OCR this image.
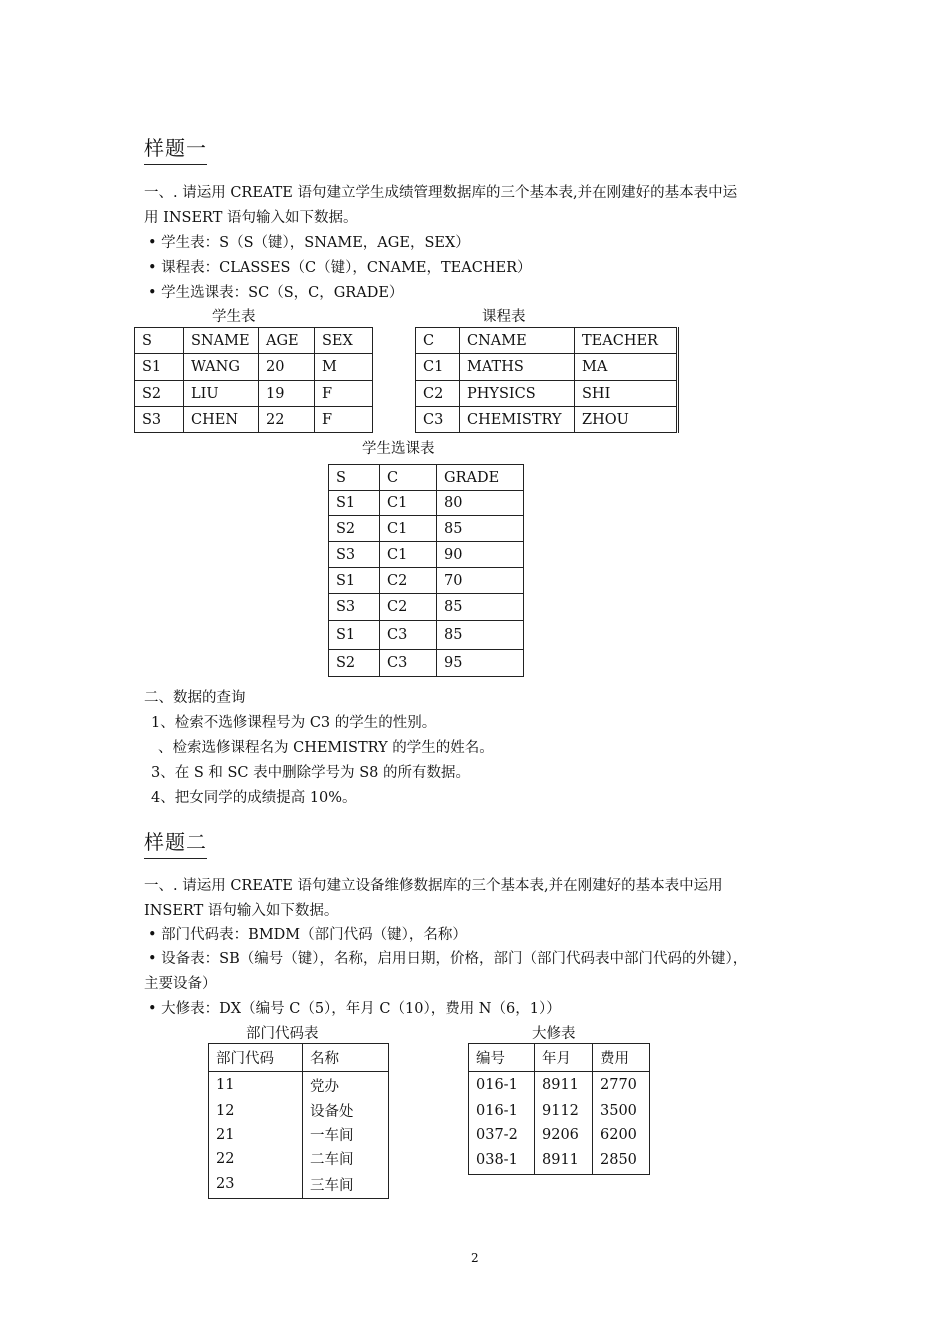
样题一
一、. 请运用 CREATE 语句建立学生成绩管理数据库的三个基本表,并在刚建好的基本表中运
用 INSERT 语句输入如下数据。
• 学生表：S（S（键），SNAME，AGE，SEX）
• 课程表：CLASSES（C（键），CNAME，TEACHER）
• 学生选课表：SC（S，C，GRADE）
学生表
S	SNAME	AGE	SEX
S1	WANG	20	M
S2	LIU	19	F
S3	CHEN	22	F
课程表
C	CNAME	TEACHER
C1	MATHS	MA
C2	PHYSICS	SHI
C3	CHEMISTRY	ZHOU
学生选课表
S	C	GRADE
S1	C1	80
S2	C1	85
S3	C1	90
S1	C2	70
S3	C2	85
S1	C3	85
S2	C3	95
二、数据的查询
1、检索不选修课程号为 C3 的学生的性别。
、检索选修课程名为 CHEMISTRY 的学生的姓名。
3、在 S 和 SC 表中删除学号为 S8 的所有数据。
4、把女同学的成绩提高 10%。
样题二
一、. 请运用 CREATE 语句建立设备维修数据库的三个基本表,并在刚建好的基本表中运用
INSERT 语句输入如下数据。
• 部门代码表：BMDM（部门代码（键），名称）
• 设备表：SB（编号（键），名称，启用日期，价格，部门（部门代码表中部门代码的外键），
主要设备）
• 大修表：DX（编号 C（5），年月 C（10），费用 N（6，1））
部门代码表
部门代码	名称
11	党办
12	设备处
21	一车间
22	二车间
23	三车间
大修表
编号	年月	费用
016-1	8911	2770
016-1	9112	3500
037-2	9206	6200
038-1	8911	2850
2
